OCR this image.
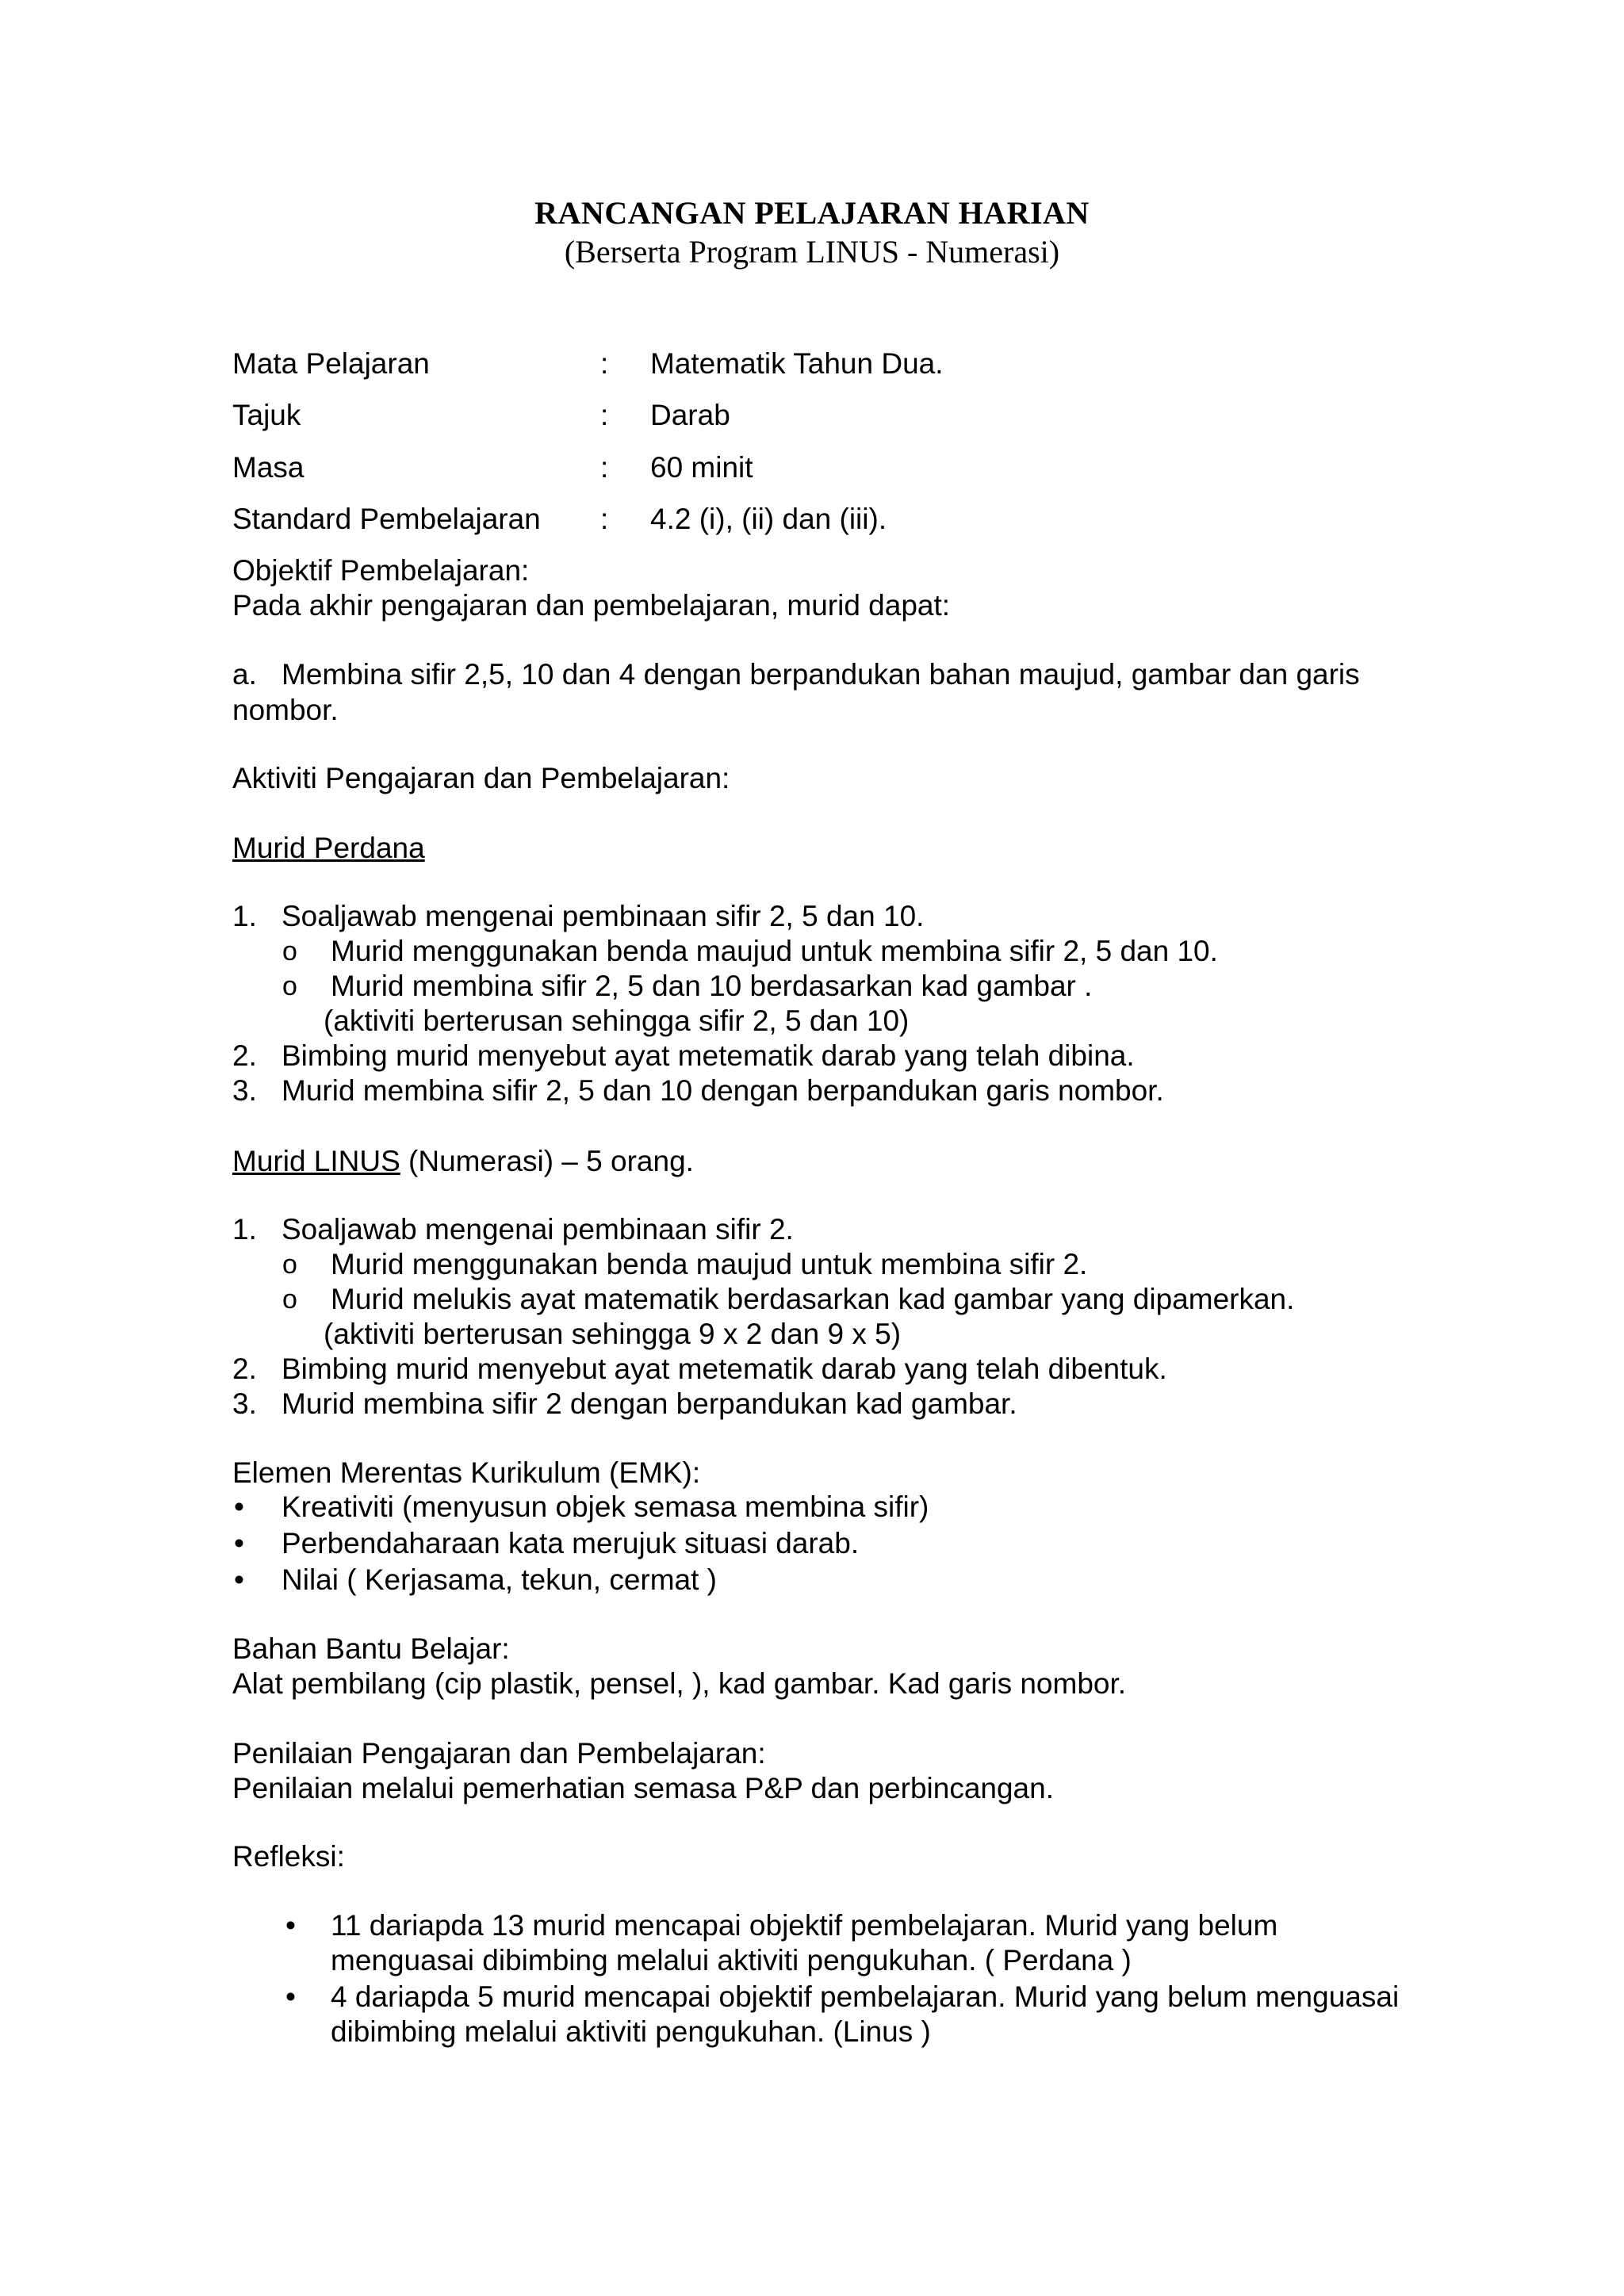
RANCANGAN PELAJARAN HARIAN
(Berserta Program LINUS - Numerasi)
Mata Pelajaran	: Matematik Tahun Dua.
Tajuk	: Darab
Masa	: 60 minit
Standard Pembelajaran : 4.2 (i), (ii) dan (iii).
Objektif Pembelajaran:
Pada akhir pengajaran dan pembelajaran, murid dapat:
a. Membina sifir 2,5, 10 dan 4 dengan berpandukan bahan maujud, gambar dan garis
nombor.
Aktiviti Pengajaran dan Pembelajaran:
Murid Perdana
1. Soaljawab mengenai pembinaan sifir 2, 5 dan 10.
o Murid menggunakan benda maujud untuk membina sifir 2, 5 dan 10.
o Murid membina sifir 2, 5 dan 10 berdasarkan kad gambar .
(aktiviti berterusan sehingga sifir 2, 5 dan 10)
2. Bimbing murid menyebut ayat metematik darab yang telah dibina.
3. Murid membina sifir 2, 5 dan 10 dengan berpandukan garis nombor.
Murid LINUS (Numerasi) – 5 orang.
1. Soaljawab mengenai pembinaan sifir 2.
o Murid menggunakan benda maujud untuk membina sifir 2.
o Murid melukis ayat matematik berdasarkan kad gambar yang dipamerkan.
(aktiviti berterusan sehingga 9 x 2 dan 9 x 5)
2. Bimbing murid menyebut ayat metematik darab yang telah dibentuk.
3. Murid membina sifir 2 dengan berpandukan kad gambar.
Elemen Merentas Kurikulum (EMK):
• Kreativiti (menyusun objek semasa membina sifir)
• Perbendaharaan kata merujuk situasi darab.
• Nilai ( Kerjasama, tekun, cermat )
Bahan Bantu Belajar:
Alat pembilang (cip plastik, pensel, ), kad gambar. Kad garis nombor.
Penilaian Pengajaran dan Pembelajaran:
Penilaian melalui pemerhatian semasa P&P dan perbincangan.
Refleksi:
• 11 dariapda 13 murid mencapai objektif pembelajaran. Murid yang belum
menguasai dibimbing melalui aktiviti pengukuhan. ( Perdana )
• 4 dariapda 5 murid mencapai objektif pembelajaran. Murid yang belum menguasai
dibimbing melalui aktiviti pengukuhan. (Linus )
